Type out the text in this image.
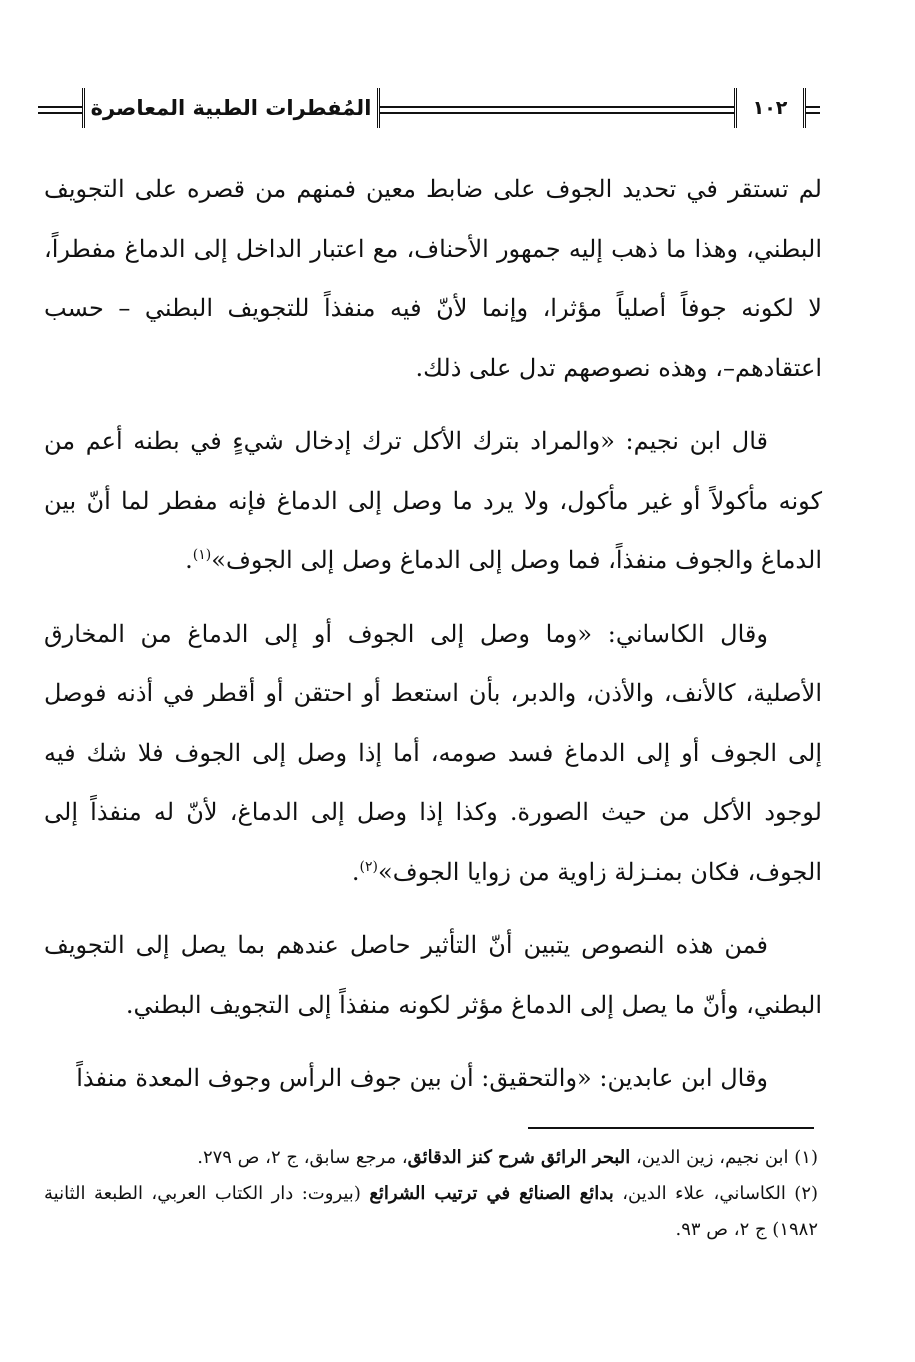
المُفطرات الطبية المعاصرة	١٠٢

لم تستقر في تحديد الجوف على ضابط معين فمنهم من قصره على التجويف البطني، وهذا ما ذهب إليه جمهور الأحناف، مع اعتبار الداخل إلى الدماغ مفطراً، لا لكونه جوفاً أصلياً مؤثرا، وإنما لأنّ فيه منفذاً للتجويف البطني – حسب اعتقادهم–، وهذه نصوصهم تدل على ذلك.

قال ابن نجيم: «والمراد بترك الأكل ترك إدخال شيءٍ في بطنه أعم من كونه مأكولاً أو غير مأكول، ولا يرد ما وصل إلى الدماغ فإنه مفطر لما أنّ بين الدماغ والجوف منفذاً، فما وصل إلى الدماغ وصل إلى الجوف»$^{(١)}$.

وقال الكاساني: «وما وصل إلى الجوف أو إلى الدماغ من المخارق الأصلية، كالأنف، والأذن، والدبر، بأن استعط أو احتقن أو أقطر في أذنه فوصل إلى الجوف أو إلى الدماغ فسد صومه، أما إذا وصل إلى الجوف فلا شك فيه لوجود الأكل من حيث الصورة. وكذا إذا وصل إلى الدماغ، لأنّ له منفذاً إلى الجوف، فكان بمنـزلة زاوية من زوايا الجوف»$^{(٢)}$.

فمن هذه النصوص يتبين أنّ التأثير حاصل عندهم بما يصل إلى التجويف البطني، وأنّ ما يصل إلى الدماغ مؤثر لكونه منفذاً إلى التجويف البطني.

وقال ابن عابدين: «والتحقيق: أن بين جوف الرأس وجوف المعدة منفذاً

(١) ابن نجيم، زين الدين، البحر الرائق شرح كنز الدقائق، مرجع سابق، ج ٢، ص ٢٧٩.

(٢) الكاساني، علاء الدين، بدائع الصنائع في ترتيب الشرائع (بيروت: دار الكتاب العربي، الطبعة الثانية ١٩٨٢) ج ٢، ص ٩٣.
